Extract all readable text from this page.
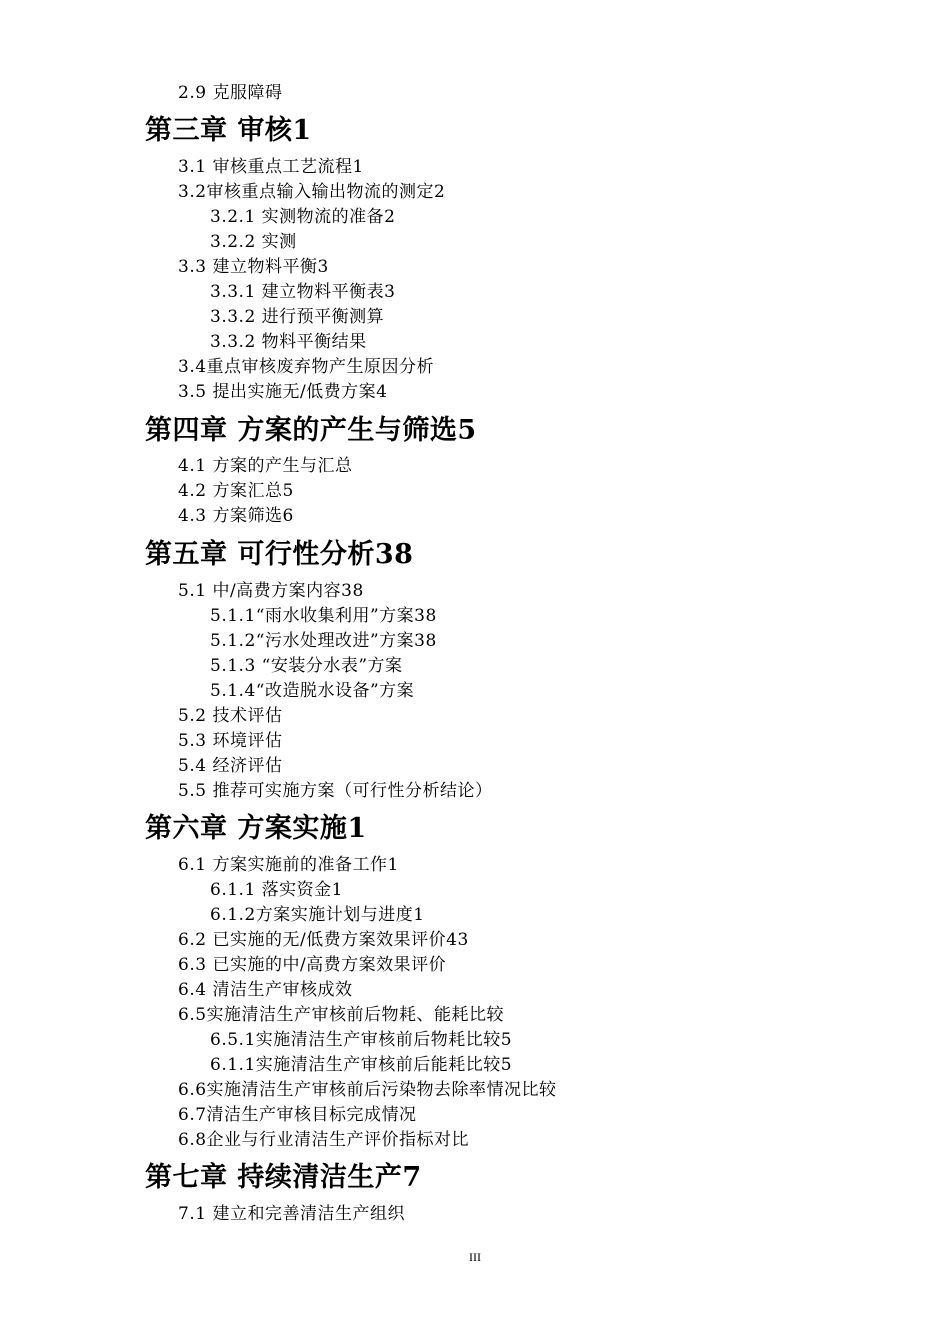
2.9 克服障碍
第三章 审核1
3.1 审核重点工艺流程1
3.2审核重点输入输出物流的测定2
3.2.1 实测物流的准备2
3.2.2 实测
3.3 建立物料平衡3
3.3.1 建立物料平衡表3
3.3.2 进行预平衡测算
3.3.2 物料平衡结果
3.4重点审核废弃物产生原因分析
3.5 提出实施无/低费方案4
第四章 方案的产生与筛选5
4.1 方案的产生与汇总
4.2 方案汇总5
4.3 方案筛选6
第五章 可行性分析38
5.1 中/高费方案内容38
5.1.1“雨水收集利用”方案38
5.1.2“污水处理改进”方案38
5.1.3 “安装分水表”方案
5.1.4“改造脱水设备”方案
5.2 技术评估
5.3 环境评估
5.4 经济评估
5.5 推荐可实施方案（可行性分析结论）
第六章 方案实施1
6.1 方案实施前的准备工作1
6.1.1 落实资金1
6.1.2方案实施计划与进度1
6.2 已实施的无/低费方案效果评价43
6.3 已实施的中/高费方案效果评价
6.4 清洁生产审核成效
6.5实施清洁生产审核前后物耗、能耗比较
6.5.1实施清洁生产审核前后物耗比较5
6.1.1实施清洁生产审核前后能耗比较5
6.6实施清洁生产审核前后污染物去除率情况比较
6.7清洁生产审核目标完成情况
6.8企业与行业清洁生产评价指标对比
第七章 持续清洁生产7
7.1 建立和完善清洁生产组织
III
